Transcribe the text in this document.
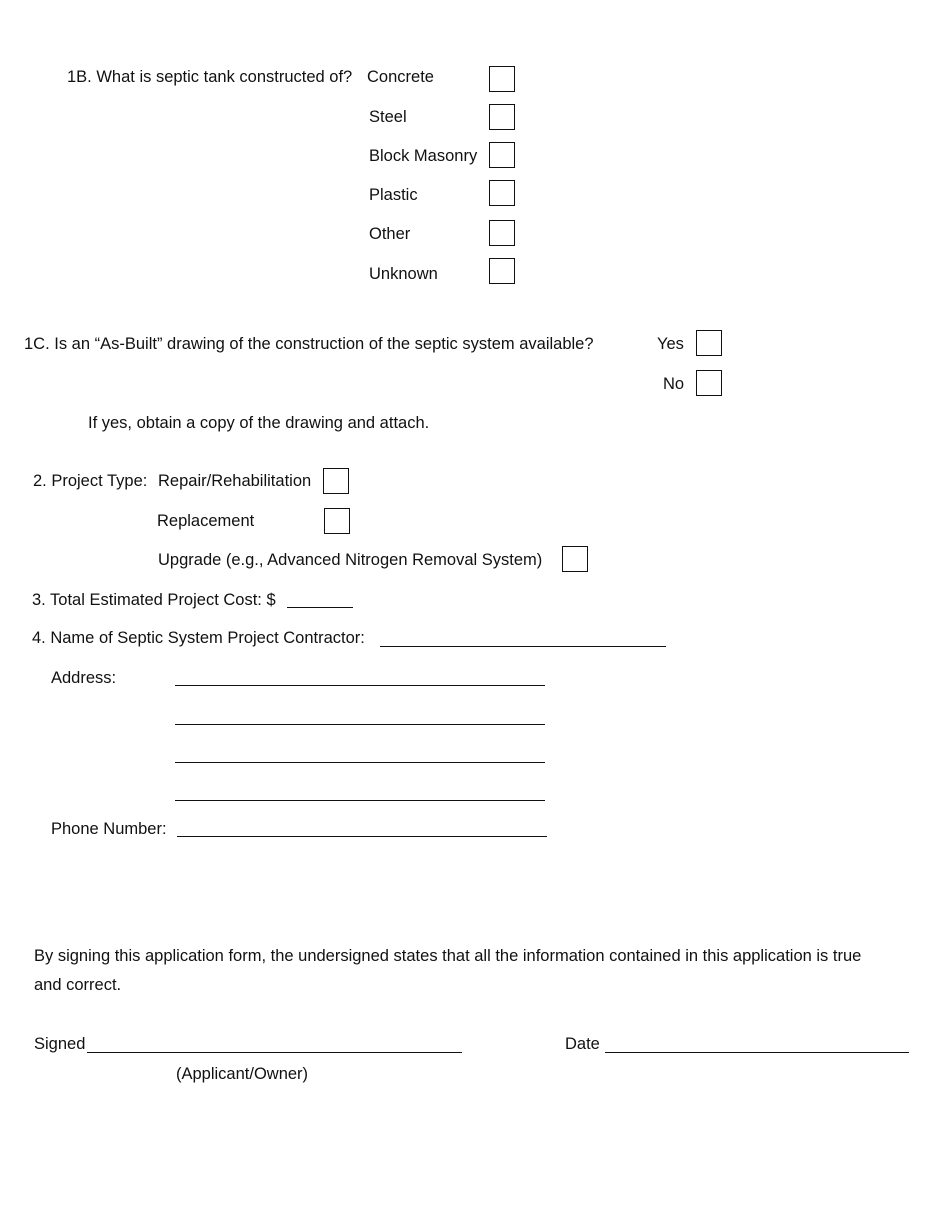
1B. What is septic tank constructed of? Concrete
Steel
Block Masonry
Plastic
Other
Unknown
1C. Is an “As-Built” drawing of the construction of the septic system available?	Yes
No
If yes, obtain a copy of the drawing and attach.
2. Project Type: Repair/Rehabilitation
Replacement
Upgrade (e.g., Advanced Nitrogen Removal System)
3. Total Estimated Project Cost: $
4. Name of Septic System Project Contractor:
Address:
Phone Number:
By signing this application form, the undersigned states that all the information contained in this application is true
and correct.
Signed
(Applicant/Owner)
Date
